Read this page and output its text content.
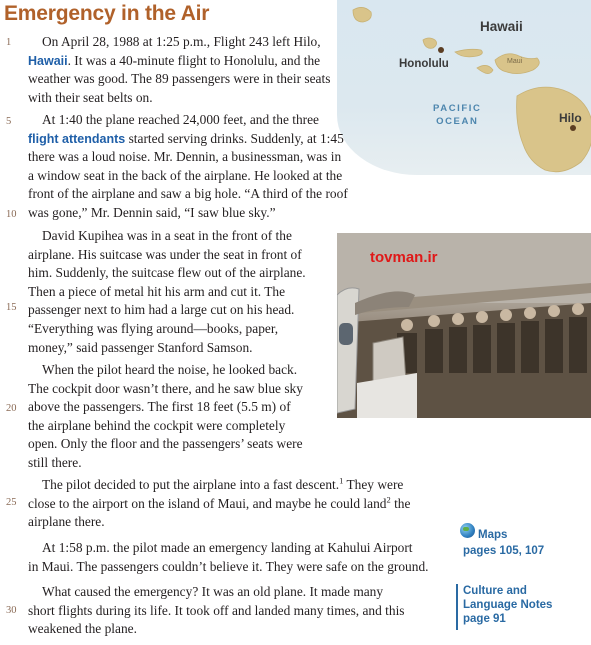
Emergency in the Air
Hawaii
Honolulu	Maui
Hilo
PACIFIC
OCEAN
tovman.ir
1
5
10
15
20
25
30
On April 28, 1988 at 1:25 p.m., Flight 243 left Hilo,
Hawaii. It was a 40-minute flight to Honolulu, and the
weather was good. The 89 passengers were in their seats
with their seat belts on.
At 1:40 the plane reached 24,000 feet, and the three
flight attendants started serving drinks. Suddenly, at 1:45
there was a loud noise. Mr. Dennin, a businessman, was in
a window seat in the back of the airplane. He looked at the
front of the airplane and saw a big hole. “A third of the roof
was gone,” Mr. Dennin said, “I saw blue sky.”
David Kupihea was in a seat in the front of the
airplane. His suitcase was under the seat in front of
him. Suddenly, the suitcase flew out of the airplane.
Then a piece of metal hit his arm and cut it. The
passenger next to him had a large cut on his head.
“Everything was flying around—books, paper,
money,” said passenger Stanford Samson.
When the pilot heard the noise, he looked back.
The cockpit door wasn’t there, and he saw blue sky
above the passengers. The first 18 feet (5.5 m) of
the airplane behind the cockpit were completely
open. Only the floor and the passengers’ seats were
still there.
The pilot decided to put the airplane into a fast descent.$^1$ They were
close to the airport on the island of Maui, and maybe he could land$^2$ the
airplane there.
At 1:58 p.m. the pilot made an emergency landing at Kahului Airport
in Maui. The passengers couldn’t believe it. They were safe on the ground.
What caused the emergency? It was an old plane. It made many
short flights during its life. It took off and landed many times, and this
weakened the plane.
Maps
pages 105, 107
Culture and
Language Notes
page 91
